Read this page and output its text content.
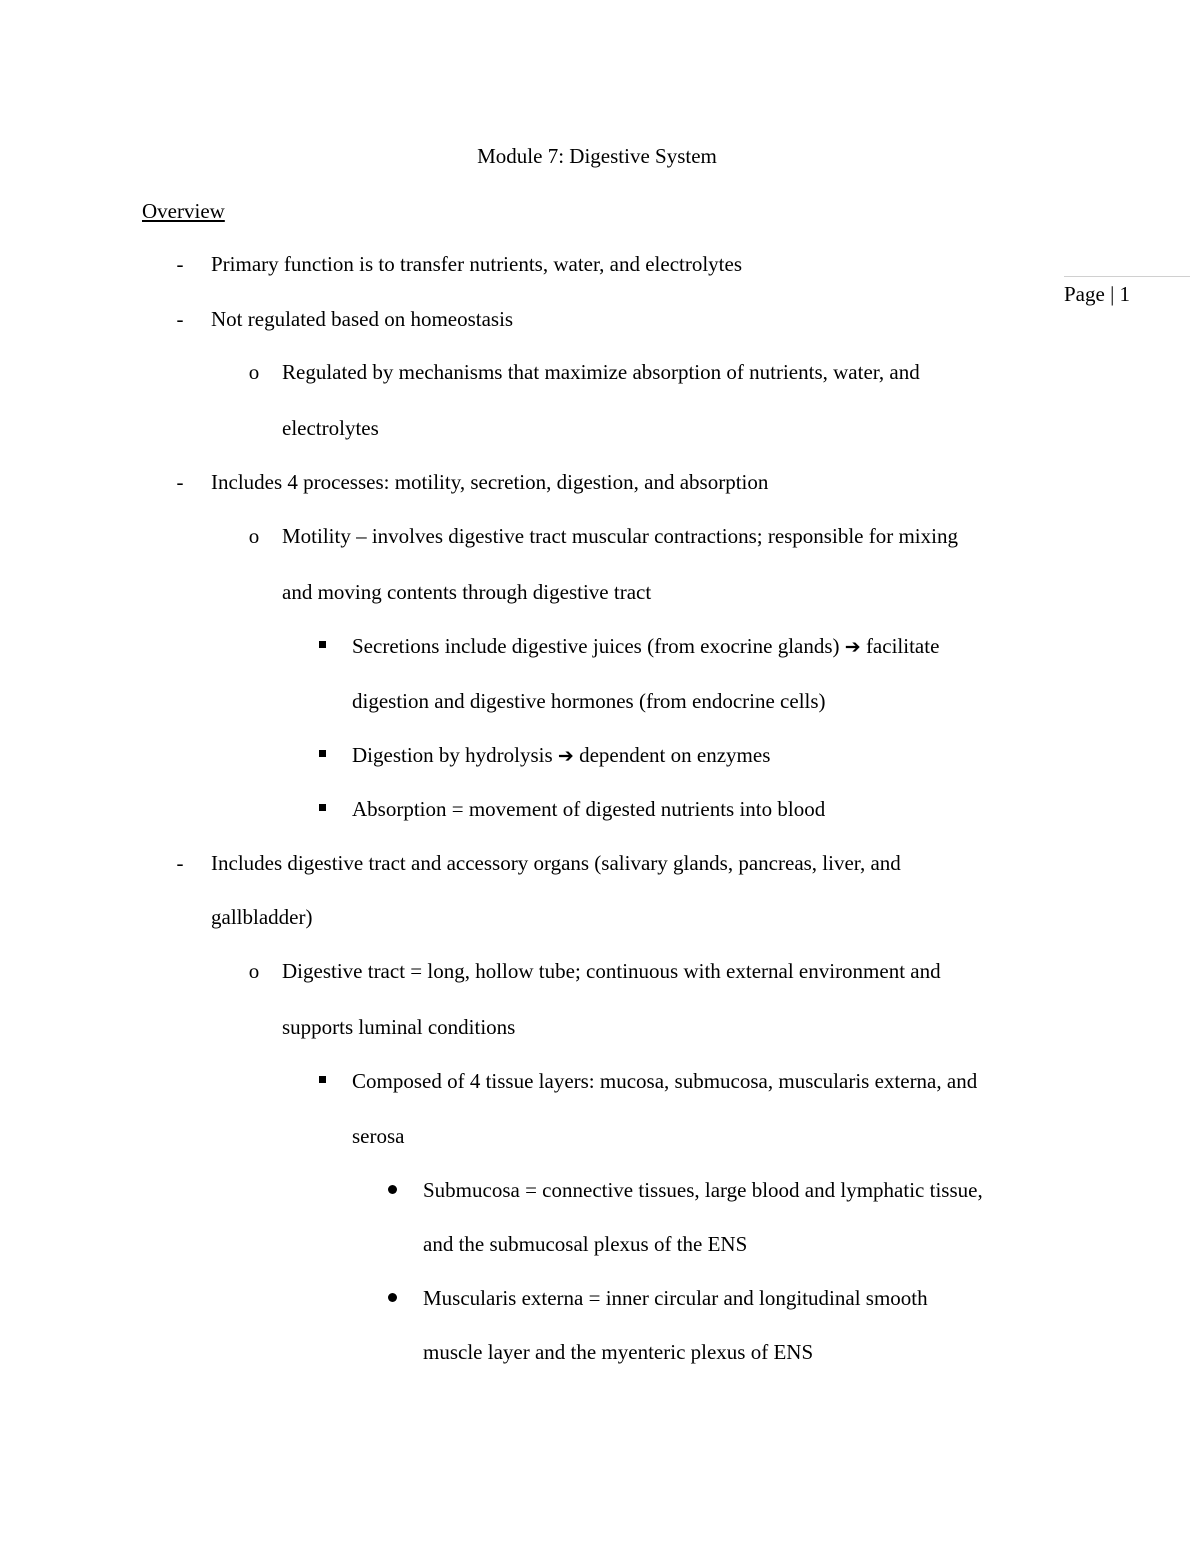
Module 7: Digestive System
Overview
Page | 1
-	Primary function is to transfer nutrients, water, and electrolytes
-	Not regulated based on homeostasis
o Regulated by mechanisms that maximize absorption of nutrients, water, and
electrolytes
-	Includes 4 processes: motility, secretion, digestion, and absorption
o Motility – involves digestive tract muscular contractions; responsible for mixing
and moving contents through digestive tract
Secretions include digestive juices (from exocrine glands) ➔ facilitate
digestion and digestive hormones (from endocrine cells)
Digestion by hydrolysis ➔ dependent on enzymes
Absorption = movement of digested nutrients into blood
-	Includes digestive tract and accessory organs (salivary glands, pancreas, liver, and
gallbladder)
o Digestive tract = long, hollow tube; continuous with external environment and
supports luminal conditions
Composed of 4 tissue layers: mucosa, submucosa, muscularis externa, and
serosa
Submucosa = connective tissues, large blood and lymphatic tissue,
and the submucosal plexus of the ENS
Muscularis externa = inner circular and longitudinal smooth
muscle layer and the myenteric plexus of ENS
